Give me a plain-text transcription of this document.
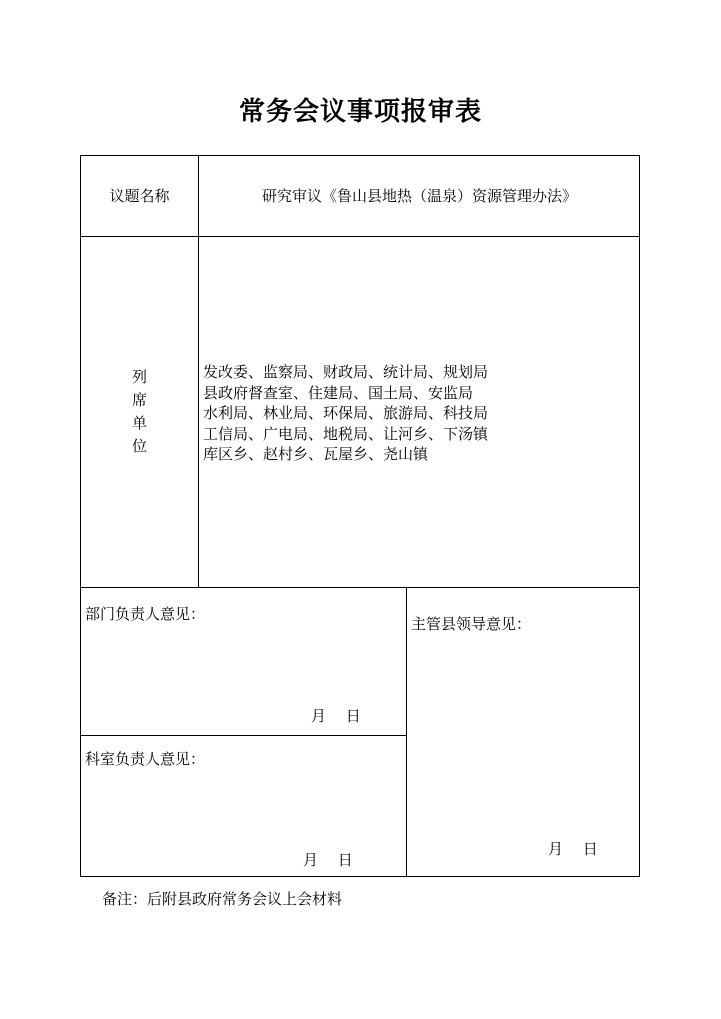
常务会议事项报审表
议题名称	研究审议《鲁山县地热（温泉）资源管理办法》
列席单位
发改委、监察局、财政局、统计局、规划局
县政府督查室、住建局、国土局、安监局
水利局、林业局、环保局、旅游局、科技局
工信局、广电局、地税局、让河乡、下汤镇
库区乡、赵村乡、瓦屋乡、尧山镇
部门负责人意见：
月　 日
科室负责人意见：
月　 日
主管县领导意见：
月　 日
备注：后附县政府常务会议上会材料
